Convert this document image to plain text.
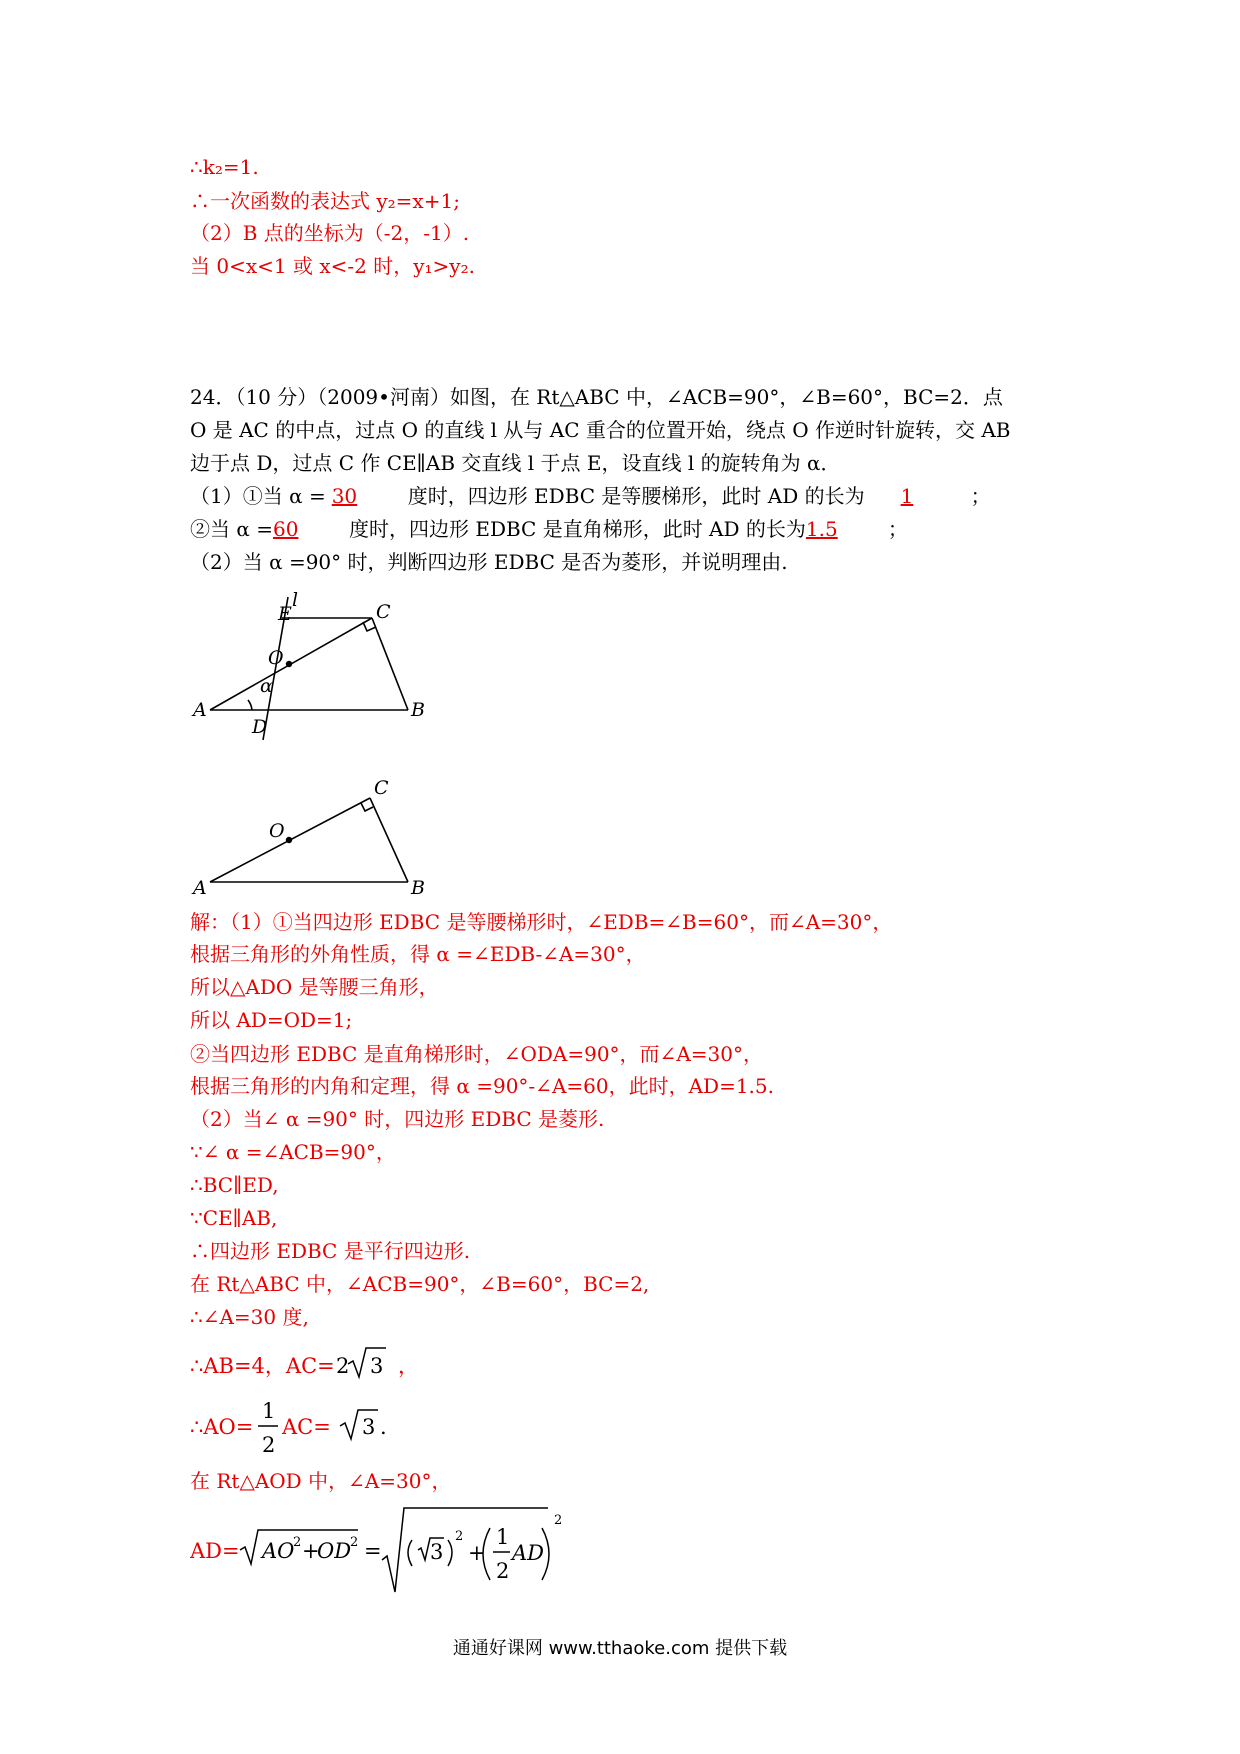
∴k₂=1.
∴一次函数的表达式 y₂=x+1;
（2）B 点的坐标为（-2，-1）.
当 0<x<1 或 x<-2 时，y₁>y₂.
24．（10 分）（2009•河南）如图，在 Rt△ABC 中，∠ACB=90°，∠B=60°，BC=2．点
O 是 AC 的中点，过点 O 的直线 l 从与 AC 重合的位置开始，绕点 O 作逆时针旋转，交 AB
边于点 D，过点 C 作 CE∥AB 交直线 l 于点 E，设直线 l 的旋转角为 α．
（1）①当 α = 30	度时，四边形 EDBC 是等腰梯形，此时 AD 的长为 1	；
②当 α =60	度时，四边形 EDBC 是直角梯形，此时 AD 的长为1.5	；
（2）当 α =90° 时，判断四边形 EDBC 是否为菱形，并说明理由.
E
l
C
O
α
A
D
B
C
O
A	B
解：（1）①当四边形 EDBC 是等腰梯形时，∠EDB=∠B=60°，而∠A=30°，
根据三角形的外角性质，得 α =∠EDB-∠A=30°，
所以△ADO 是等腰三角形，
所以 AD=OD=1;
②当四边形 EDBC 是直角梯形时，∠ODA=90°，而∠A=30°，
根据三角形的内角和定理，得 α =90°-∠A=60，此时，AD=1.5.
（2）当∠ α =90° 时，四边形 EDBC 是菱形.
∵∠ α =∠ACB=90°，
∴BC∥ED,
∵CE∥AB,
∴四边形 EDBC 是平行四边形.
在 Rt△ABC 中，∠ACB=90°，∠B=60°，BC=2,
∴∠A=30 度,
∴AB=4，AC= 2 3 ，
∴AO=
1
2
AC= 3 .
在 Rt△AOD 中，∠A=30°，
AD= AO
2 +
OD
2 = 3
2
+
1
2
AD
2
通通好课网 www.tthaoke.com 提供下载
